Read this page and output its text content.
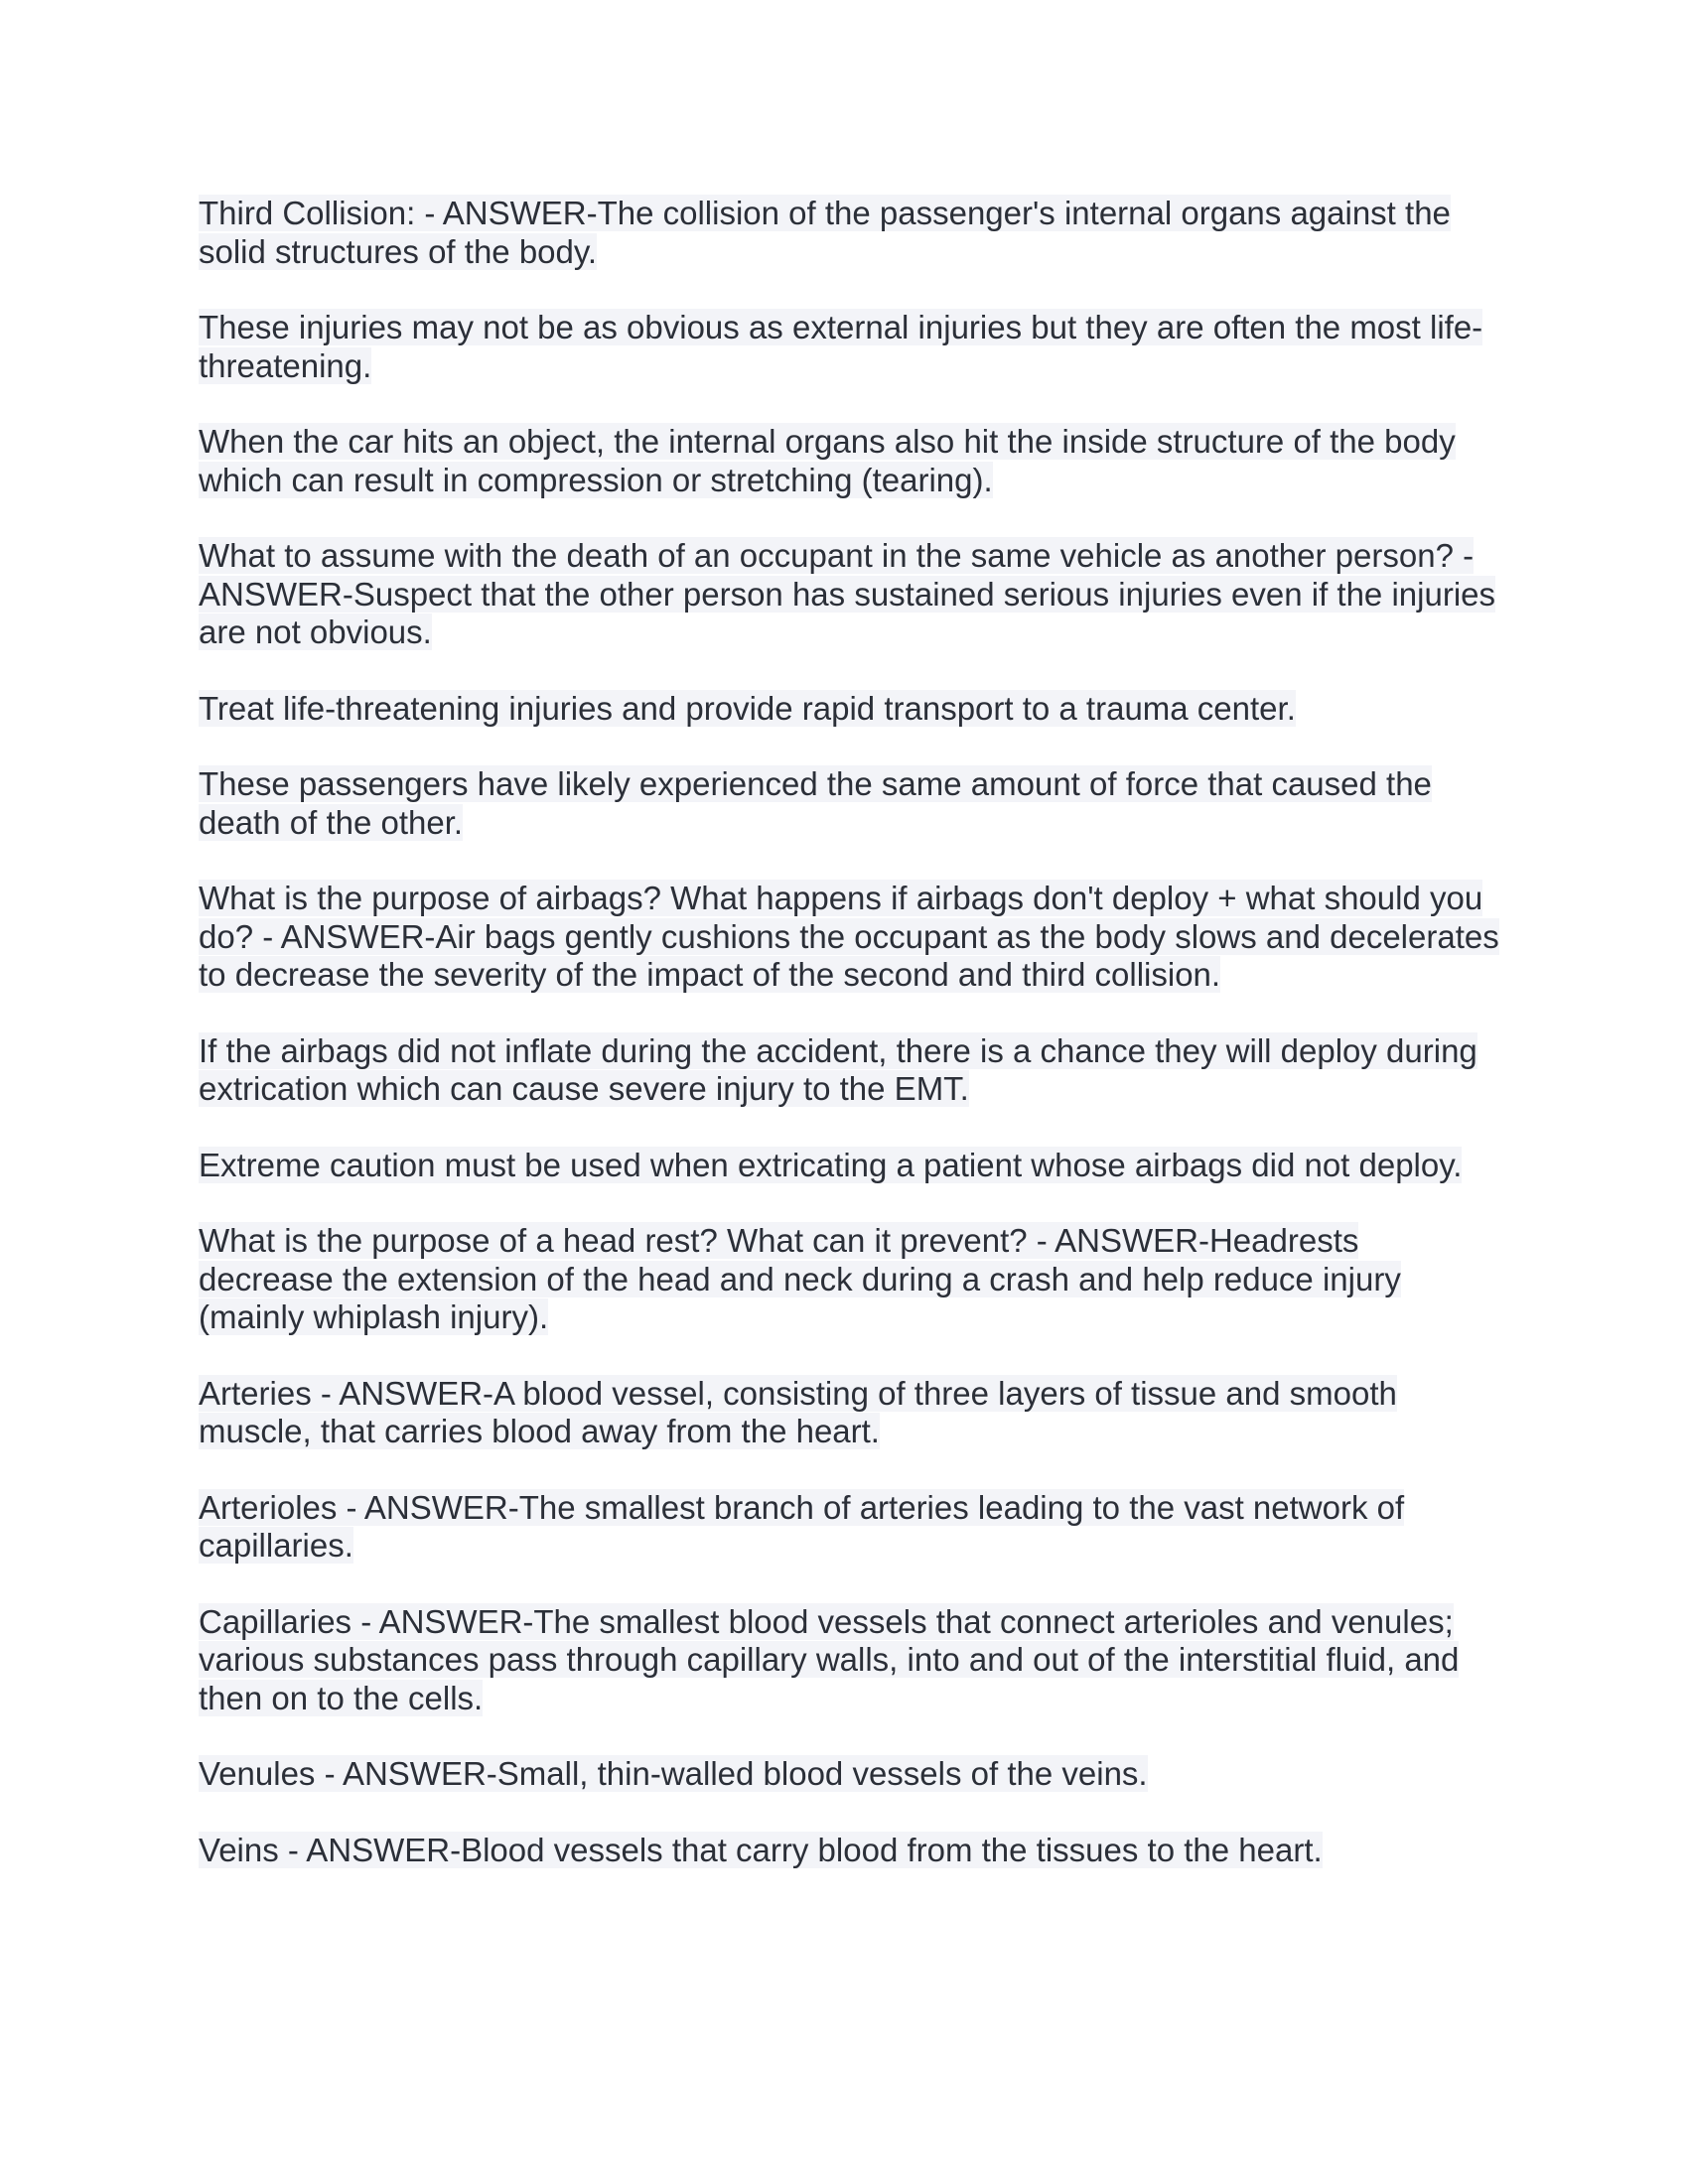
Third Collision: - ANSWER-The collision of the passenger's internal organs against the solid structures of the body.

These injuries may not be as obvious as external injuries but they are often the most life-threatening.

When the car hits an object, the internal organs also hit the inside structure of the body which can result in compression or stretching (tearing).

What to assume with the death of an occupant in the same vehicle as another person? - ANSWER-Suspect that the other person has sustained serious injuries even if the injuries are not obvious.

Treat life-threatening injuries and provide rapid transport to a trauma center.

These passengers have likely experienced the same amount of force that caused the death of the other.

What is the purpose of airbags? What happens if airbags don't deploy + what should you do? - ANSWER-Air bags gently cushions the occupant as the body slows and decelerates to decrease the severity of the impact of the second and third collision.

If the airbags did not inflate during the accident, there is a chance they will deploy during extrication which can cause severe injury to the EMT.

Extreme caution must be used when extricating a patient whose airbags did not deploy.

What is the purpose of a head rest? What can it prevent? - ANSWER-Headrests decrease the extension of the head and neck during a crash and help reduce injury (mainly whiplash injury).

Arteries - ANSWER-A blood vessel, consisting of three layers of tissue and smooth muscle, that carries blood away from the heart.

Arterioles - ANSWER-The smallest branch of arteries leading to the vast network of capillaries.

Capillaries - ANSWER-The smallest blood vessels that connect arterioles and venules; various substances pass through capillary walls, into and out of the interstitial fluid, and then on to the cells.

Venules - ANSWER-Small, thin-walled blood vessels of the veins.

Veins - ANSWER-Blood vessels that carry blood from the tissues to the heart.
